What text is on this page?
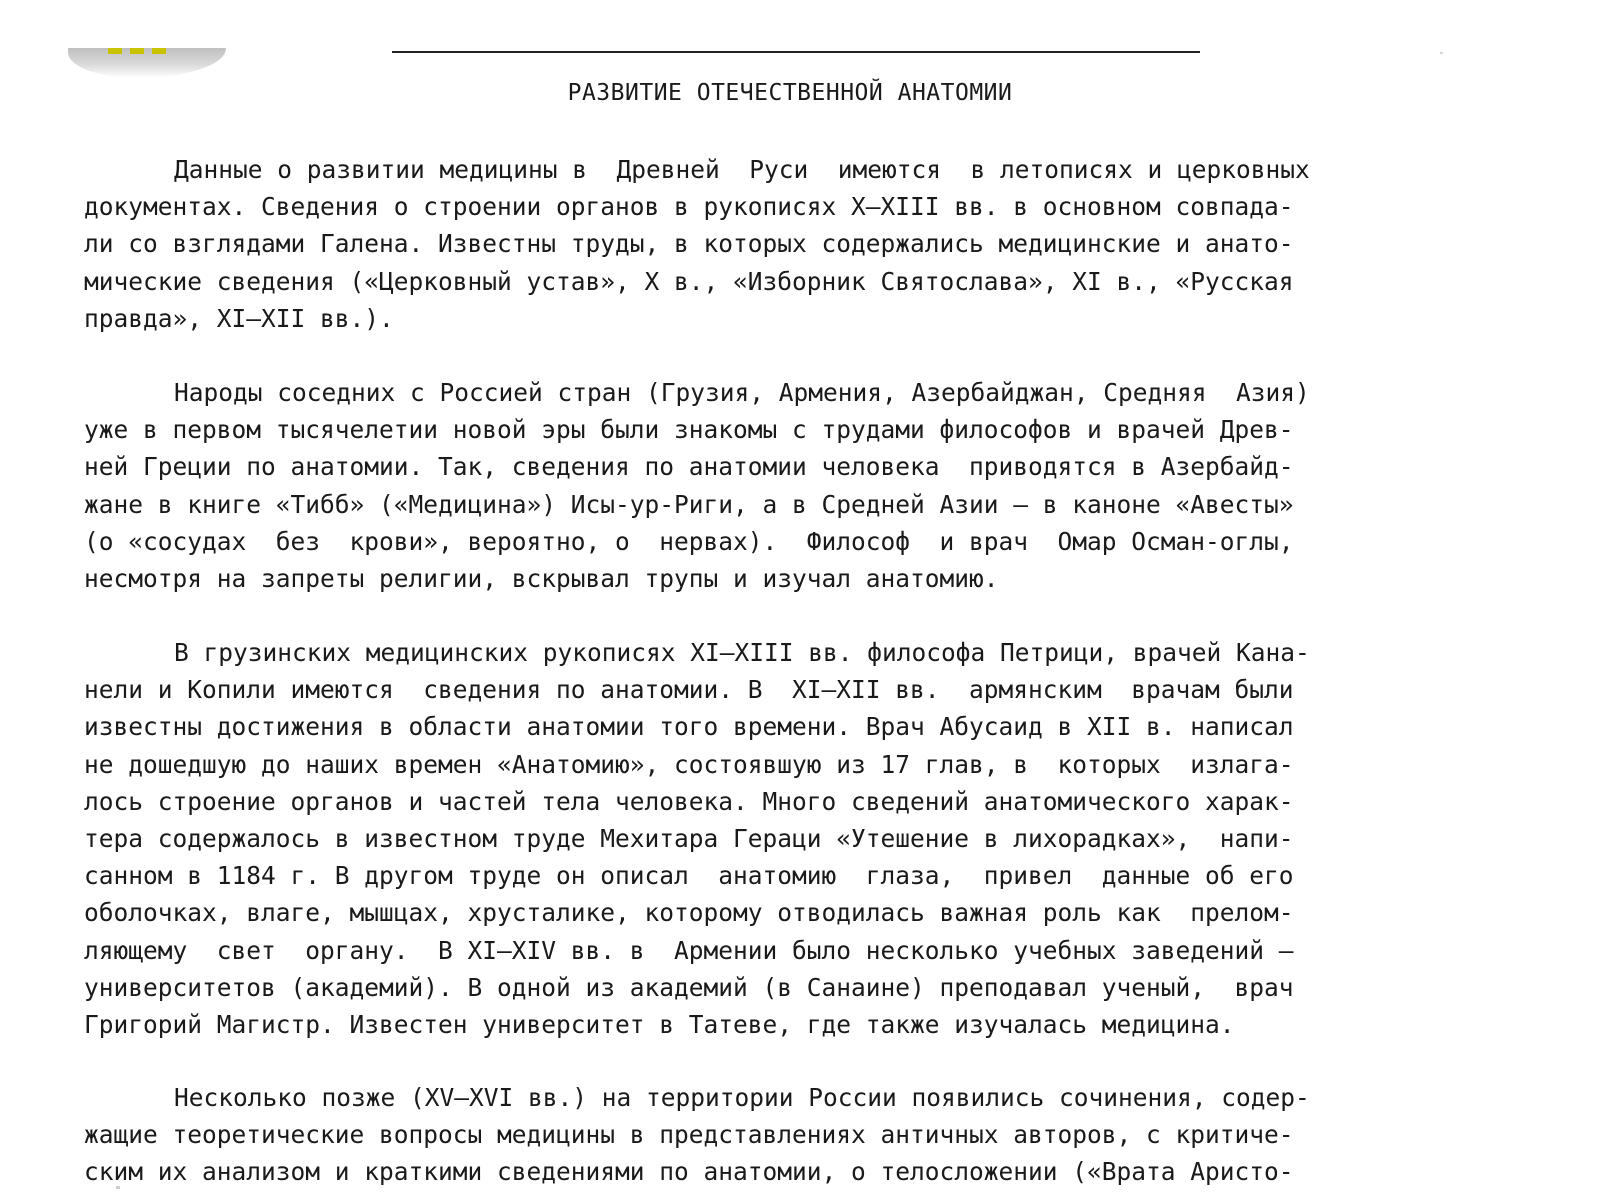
РАЗВИТИЕ ОТЕЧЕСТВЕННОЙ АНАТОМИИ
Данные о развитии медицины в  Древней  Руси  имеются  в летописях и церковных
документах. Сведения о строении органов в рукописях X–XIII вв. в основном совпада-
ли со взглядами Галена. Известны труды, в которых содержались медицинские и анато-
мические сведения («Церковный устав», X в., «Изборник Святослава», XI в., «Русская
правда», XI–XII вв.).
Народы соседних с Россией стран (Грузия, Армения, Азербайджан, Средняя  Азия)
уже в первом тысячелетии новой эры были знакомы с трудами философов и врачей Древ-
ней Греции по анатомии. Так, сведения по анатомии человека  приводятся в Азербайд-
жане в книге «Тибб» («Медицина») Исы-ур-Риги, а в Средней Азии — в каноне «Авесты»
(о «сосудах  без  крови», вероятно, о  нервах).  Философ  и врач  Омар Осман-оглы,
несмотря на запреты религии, вскрывал трупы и изучал анатомию.
В грузинских медицинских рукописях XI–XIII вв. философа Петрици, врачей Кана-
нели и Копили имеются  сведения по анатомии. В  XI–XII вв.  армянским  врачам были
известны достижения в области анатомии того времени. Врач Абусаид в XII в. написал
не дошедшую до наших времен «Анатомию», состоявшую из 17 глав, в  которых  излага-
лось строение органов и частей тела человека. Много сведений анатомического харак-
тера содержалось в известном труде Мехитара Гераци «Утешение в лихорадках»,  напи-
санном в 1184 г. В другом труде он описал  анатомию  глаза,  привел  данные об его
оболочках, влаге, мышцах, хрусталике, которому отводилась важная роль как  прелом-
ляющему  свет  органу.  В XI–XIV вв. в  Армении было несколько учебных заведений –
университетов (академий). В одной из академий (в Санаине) преподавал ученый,  врач
Григорий Магистр. Известен университет в Татеве, где также изучалась медицина.
Несколько позже (XV–XVI вв.) на территории России появились сочинения, содер-
жащие теоретические вопросы медицины в представлениях античных авторов, с критиче-
ским их анализом и краткими сведениями по анатомии, о телосложении («Врата Аристо-
